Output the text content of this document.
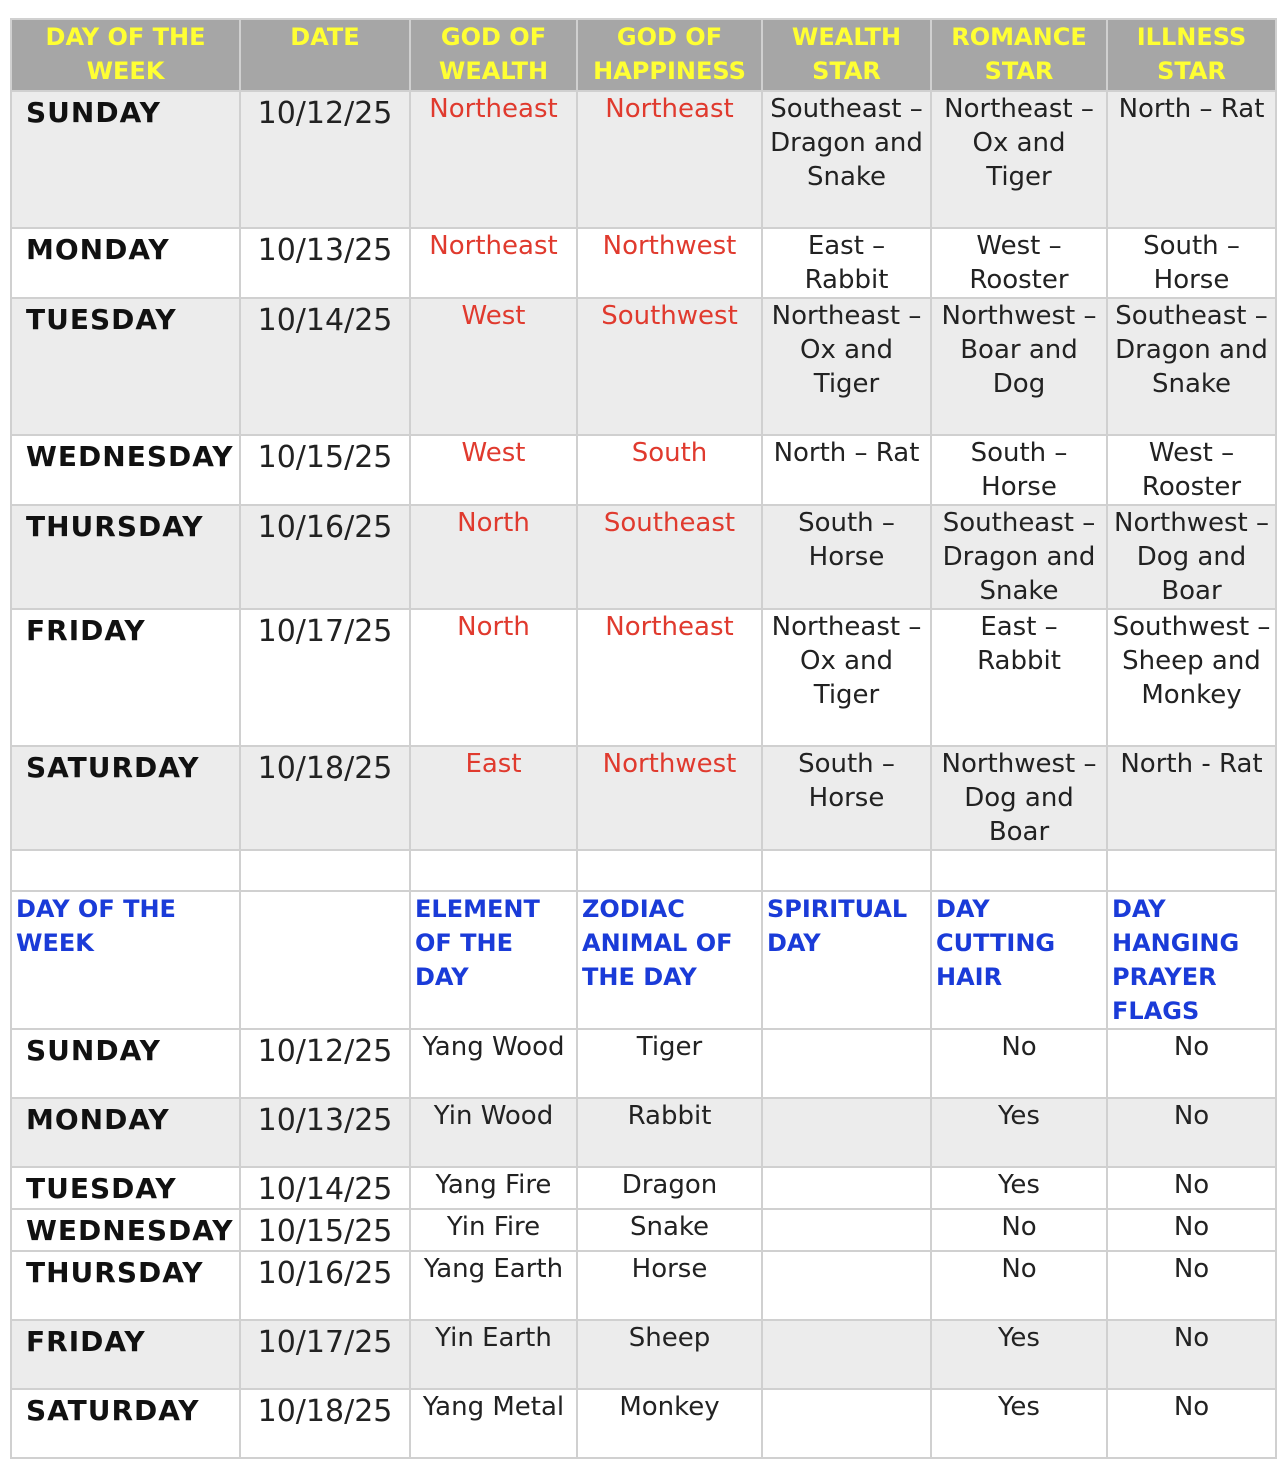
DAY OF THE WEEK	DATE	GOD OF WEALTH	GOD OF HAPPINESS	WEALTH STAR	ROMANCE STAR	ILLNESS STAR
SUNDAY	10/12/25	Northeast	Northeast	Southeast – Dragon and Snake	Northeast – Ox and Tiger	North – Rat
MONDAY	10/13/25	Northeast	Northwest	East – Rabbit	West – Rooster	South – Horse
TUESDAY	10/14/25	West	Southwest	Northeast – Ox and Tiger	Northwest – Boar and Dog	Southeast – Dragon and Snake
WEDNESDAY	10/15/25	West	South	North – Rat	South – Horse	West – Rooster
THURSDAY	10/16/25	North	Southeast	South – Horse	Southeast – Dragon and Snake	Northwest – Dog and Boar
FRIDAY	10/17/25	North	Northeast	Northeast – Ox and Tiger	East – Rabbit	Southwest – Sheep and Monkey
SATURDAY	10/18/25	East	Northwest	South – Horse	Northwest – Dog and Boar	North - Rat

DAY OF THE WEEK		ELEMENT OF THE DAY	ZODIAC ANIMAL OF THE DAY	SPIRITUAL DAY	DAY CUTTING HAIR	DAY HANGING PRAYER FLAGS
SUNDAY	10/12/25	Yang Wood	Tiger		No	No
MONDAY	10/13/25	Yin Wood	Rabbit		Yes	No
TUESDAY	10/14/25	Yang Fire	Dragon		Yes	No
WEDNESDAY	10/15/25	Yin Fire	Snake		No	No
THURSDAY	10/16/25	Yang Earth	Horse		No	No
FRIDAY	10/17/25	Yin Earth	Sheep		Yes	No
SATURDAY	10/18/25	Yang Metal	Monkey		Yes	No
